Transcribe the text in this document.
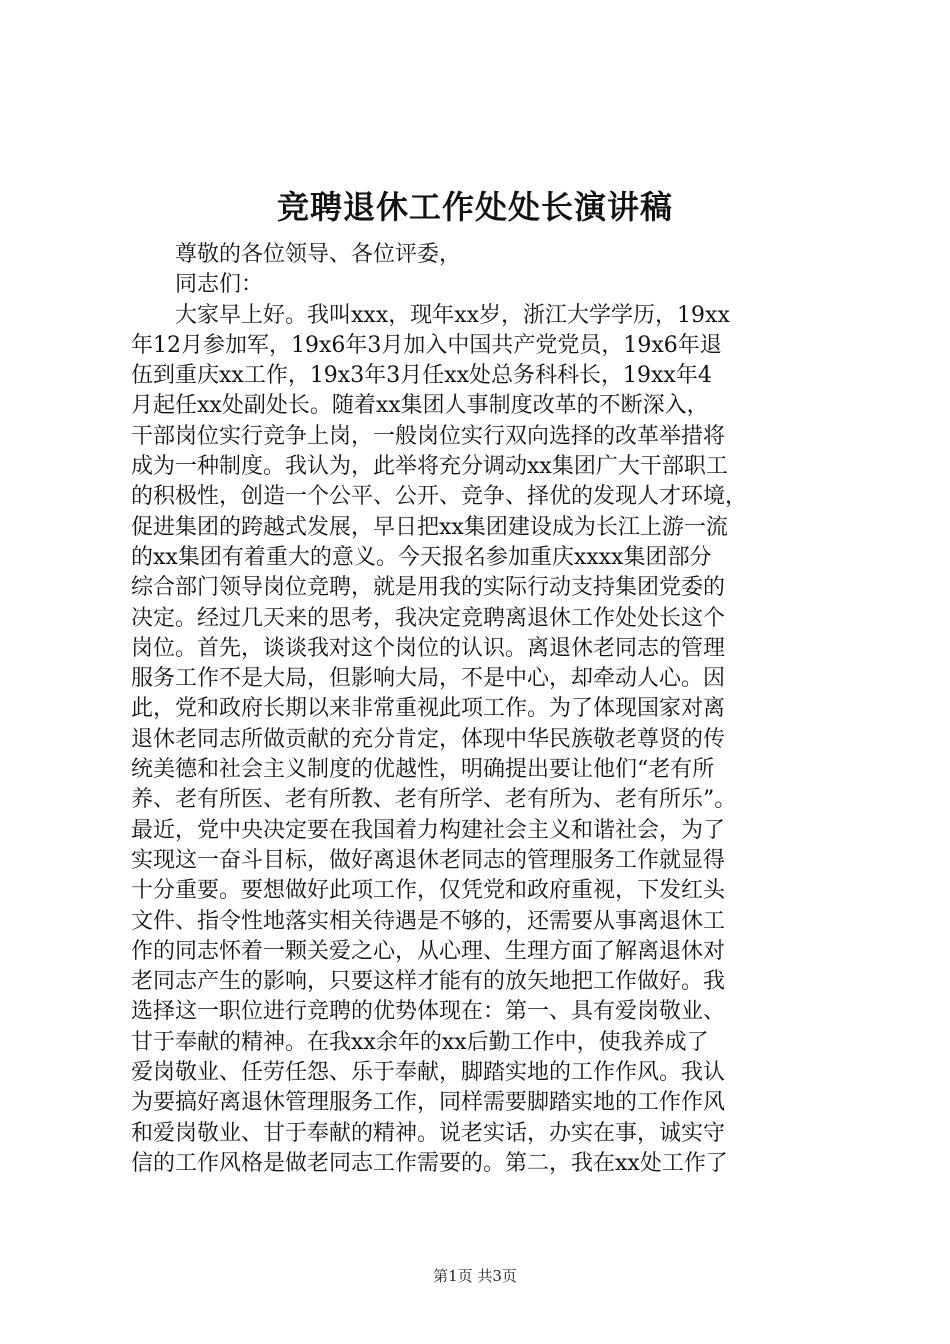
竞聘退休工作处处长演讲稿

尊敬的各位领导、各位评委，

同志们：

大家早上好。我叫xxx，现年xx岁，浙江大学学历，19xx
年12月参加军，19x6年3月加入中国共产党党员，19x6年退
伍到重庆xx工作，19x3年3月任xx处总务科科长，19xx年4
月起任xx处副处长。随着xx集团人事制度改革的不断深入，
干部岗位实行竞争上岗，一般岗位实行双向选择的改革举措将
成为一种制度。我认为，此举将充分调动xx集团广大干部职工
的积极性，创造一个公平、公开、竞争、择优的发现人才环境，
促进集团的跨越式发展，早日把xx集团建设成为长江上游一流
的xx集团有着重大的意义。今天报名参加重庆xxxx集团部分
综合部门领导岗位竞聘，就是用我的实际行动支持集团党委的
决定。经过几天来的思考，我决定竞聘离退休工作处处长这个
岗位。首先，谈谈我对这个岗位的认识。离退休老同志的管理
服务工作不是大局，但影响大局，不是中心，却牵动人心。因
此，党和政府长期以来非常重视此项工作。为了体现国家对离
退休老同志所做贡献的充分肯定，体现中华民族敬老尊贤的传
统美德和社会主义制度的优越性，明确提出要让他们“老有所
养、老有所医、老有所教、老有所学、老有所为、老有所乐”。
最近，党中央决定要在我国着力构建社会主义和谐社会，为了
实现这一奋斗目标，做好离退休老同志的管理服务工作就显得
十分重要。要想做好此项工作，仅凭党和政府重视，下发红头
文件、指令性地落实相关待遇是不够的，还需要从事离退休工
作的同志怀着一颗关爱之心，从心理、生理方面了解离退休对
老同志产生的影响，只要这样才能有的放矢地把工作做好。我
选择这一职位进行竞聘的优势体现在：第一、具有爱岗敬业、
甘于奉献的精神。在我xx余年的xx后勤工作中，使我养成了
爱岗敬业、任劳任怨、乐于奉献，脚踏实地的工作作风。我认
为要搞好离退休管理服务工作，同样需要脚踏实地的工作作风
和爱岗敬业、甘于奉献的精神。说老实话，办实在事，诚实守
信的工作风格是做老同志工作需要的。第二，我在xx处工作了
第1页 共3页
